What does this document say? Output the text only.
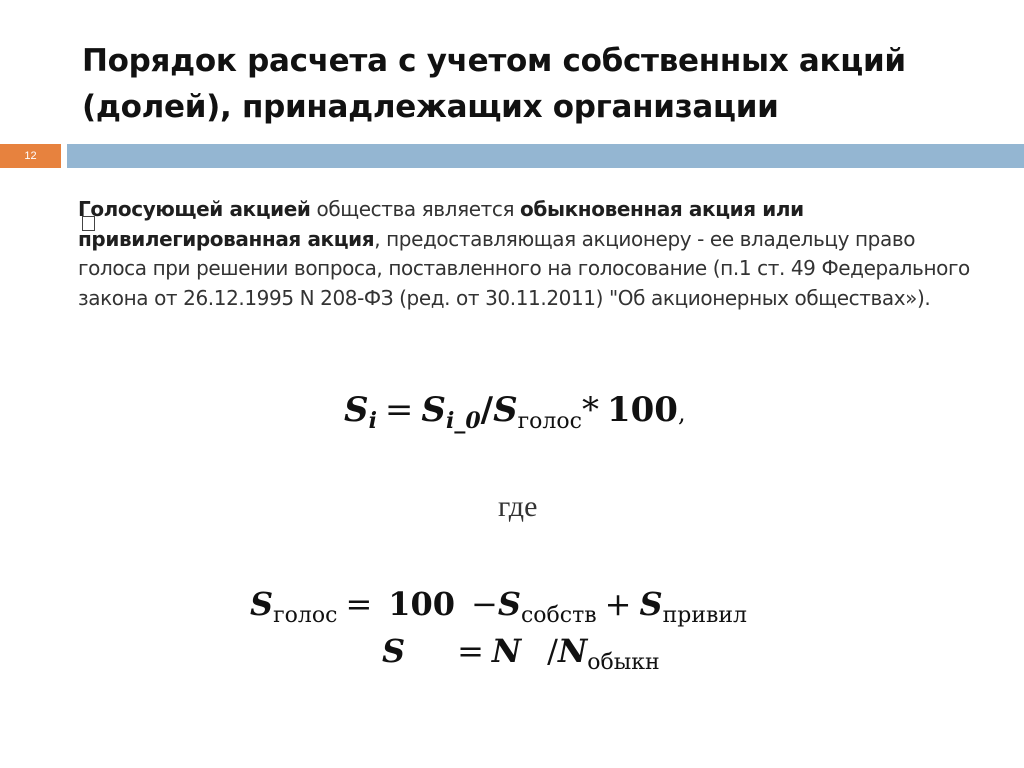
Порядок расчета с учетом собственных акций
(долей), принадлежащих организации
12
Голосующей акцией общества является обыкновенная акция или привилегированная акция, предоставляющая акционеру - ее владельцу право голоса при решении вопроса, поставленного на голосование (п.1 ст. 49 Федерального закона от 26.12.1995 N 208-ФЗ (ред. от 30.11.2011) "Об акционерных обществах»).
$S_i = S_{i\_0}/S_{голос}*$ 100,
где
$S_{голос} = 100 -S_{собств} + S_{привил}$
S = N $/N_{обыкн}$
